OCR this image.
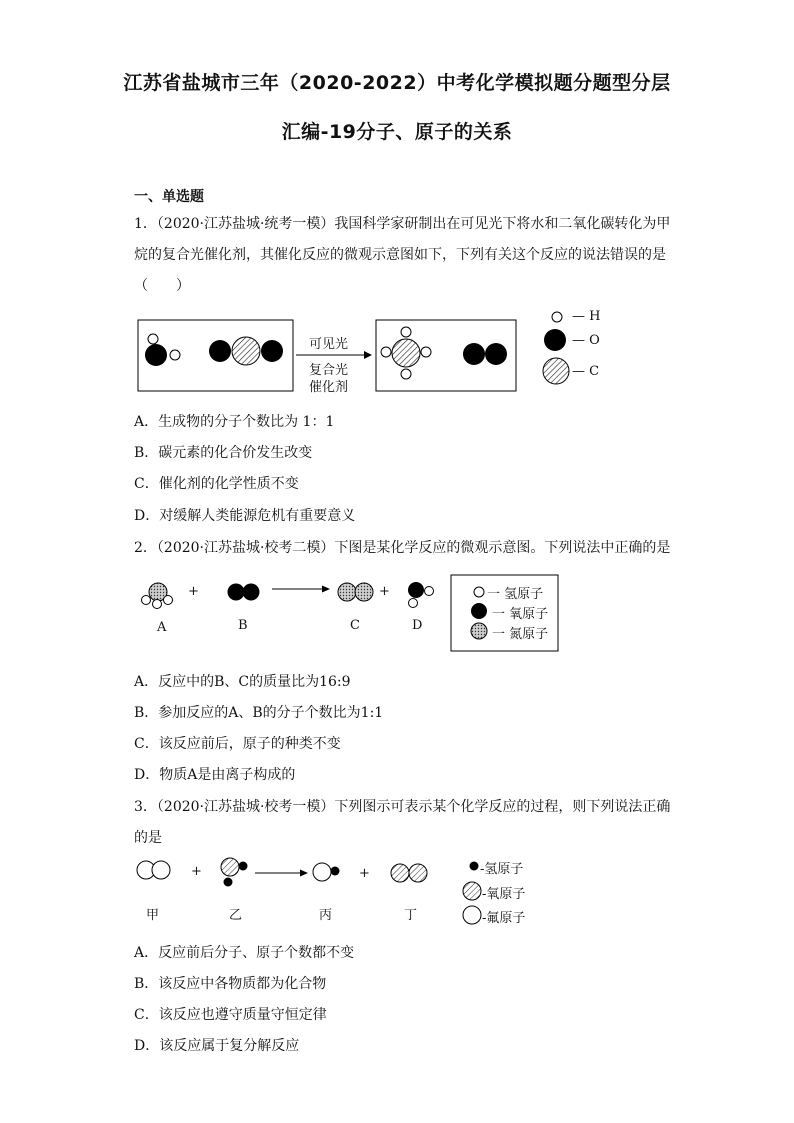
江苏省盐城市三年（2020-2022）中考化学模拟题分题型分层
汇编-19分子、原子的关系
一、单选题
1．（2020·江苏盐城·统考一模）我国科学家研制出在可见光下将水和二氧化碳转化为甲
烷的复合光催化剂，其催化反应的微观示意图如下，下列有关这个反应的说法错误的是
（　　）
可见光
复合光
催化剂
— H
— O
— C
A．生成物的分子个数比为 1：1
B．碳元素的化合价发生改变
C．催化剂的化学性质不变
D．对缓解人类能源危机有重要意义
2．（2020·江苏盐城·校考二模）下图是某化学反应的微观示意图。下列说法中正确的是
+	+
A	B	C	D
一 氢原子
一 氧原子
一 氮原子
A．反应中的B、C的质量比为16:9
B．参加反应的A、B的分子个数比为1:1
C．该反应前后，原子的种类不变
D．物质A是由离子构成的
3．（2020·江苏盐城·校考一模）下列图示可表示某个化学反应的过程，则下列说法正确
的是
+	+
甲	乙	丙	丁
-氢原子
-氧原子
-氟原子
A．反应前后分子、原子个数都不变
B．该反应中各物质都为化合物
C．该反应也遵守质量守恒定律
D．该反应属于复分解反应
